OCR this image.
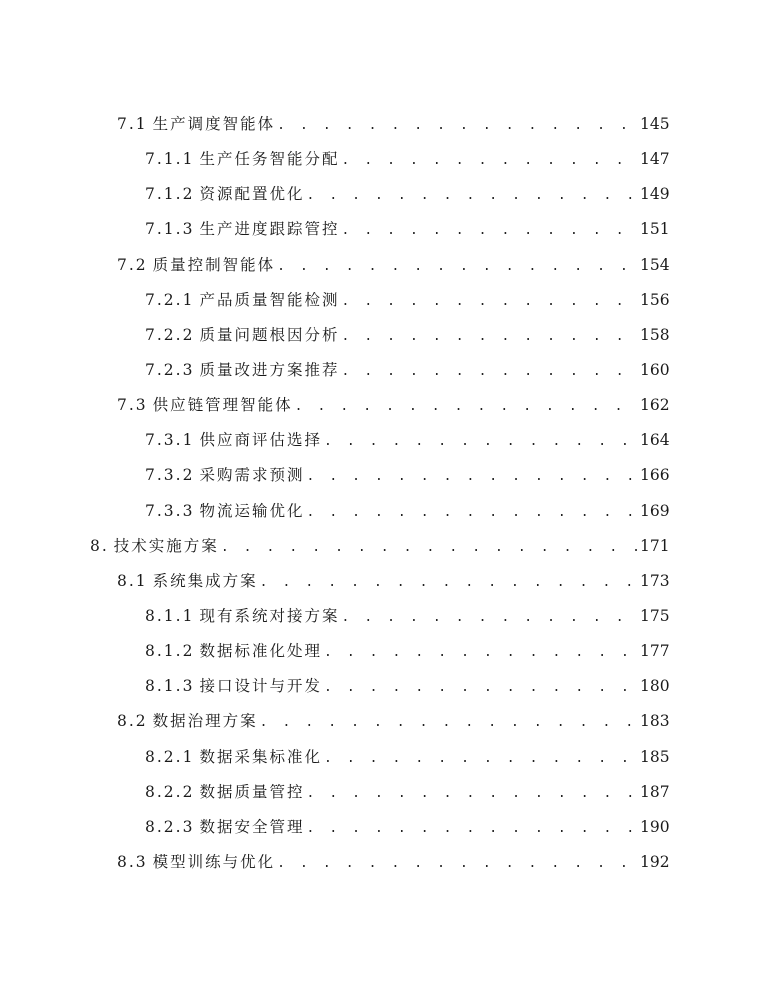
7.1 生产调度智能体 . . .	145
7.1.1 生产任务智能分配 . . .	147
7.1.2 资源配置优化 . . .	149
7.1.3 生产进度跟踪管控 . . .	151
7.2 质量控制智能体 . . .	154
7.2.1 产品质量智能检测 . . .	156
7.2.2 质量问题根因分析 . . .	158
7.2.3 质量改进方案推荐 . . .	160
7.3 供应链管理智能体 . . .	162
7.3.1 供应商评估选择 . . .	164
7.3.2 采购需求预测 . . .	166
7.3.3 物流运输优化 . . .	169
8. 技术实施方案 . . .	171
8.1 系统集成方案 . . .	173
8.1.1 现有系统对接方案 . . .	175
8.1.2 数据标准化处理 . . .	177
8.1.3 接口设计与开发 . . .	180
8.2 数据治理方案 . . .	183
8.2.1 数据采集标准化 . . .	185
8.2.2 数据质量管控 . . .	187
8.2.3 数据安全管理 . . .	190
8.3 模型训练与优化 . . .	192
